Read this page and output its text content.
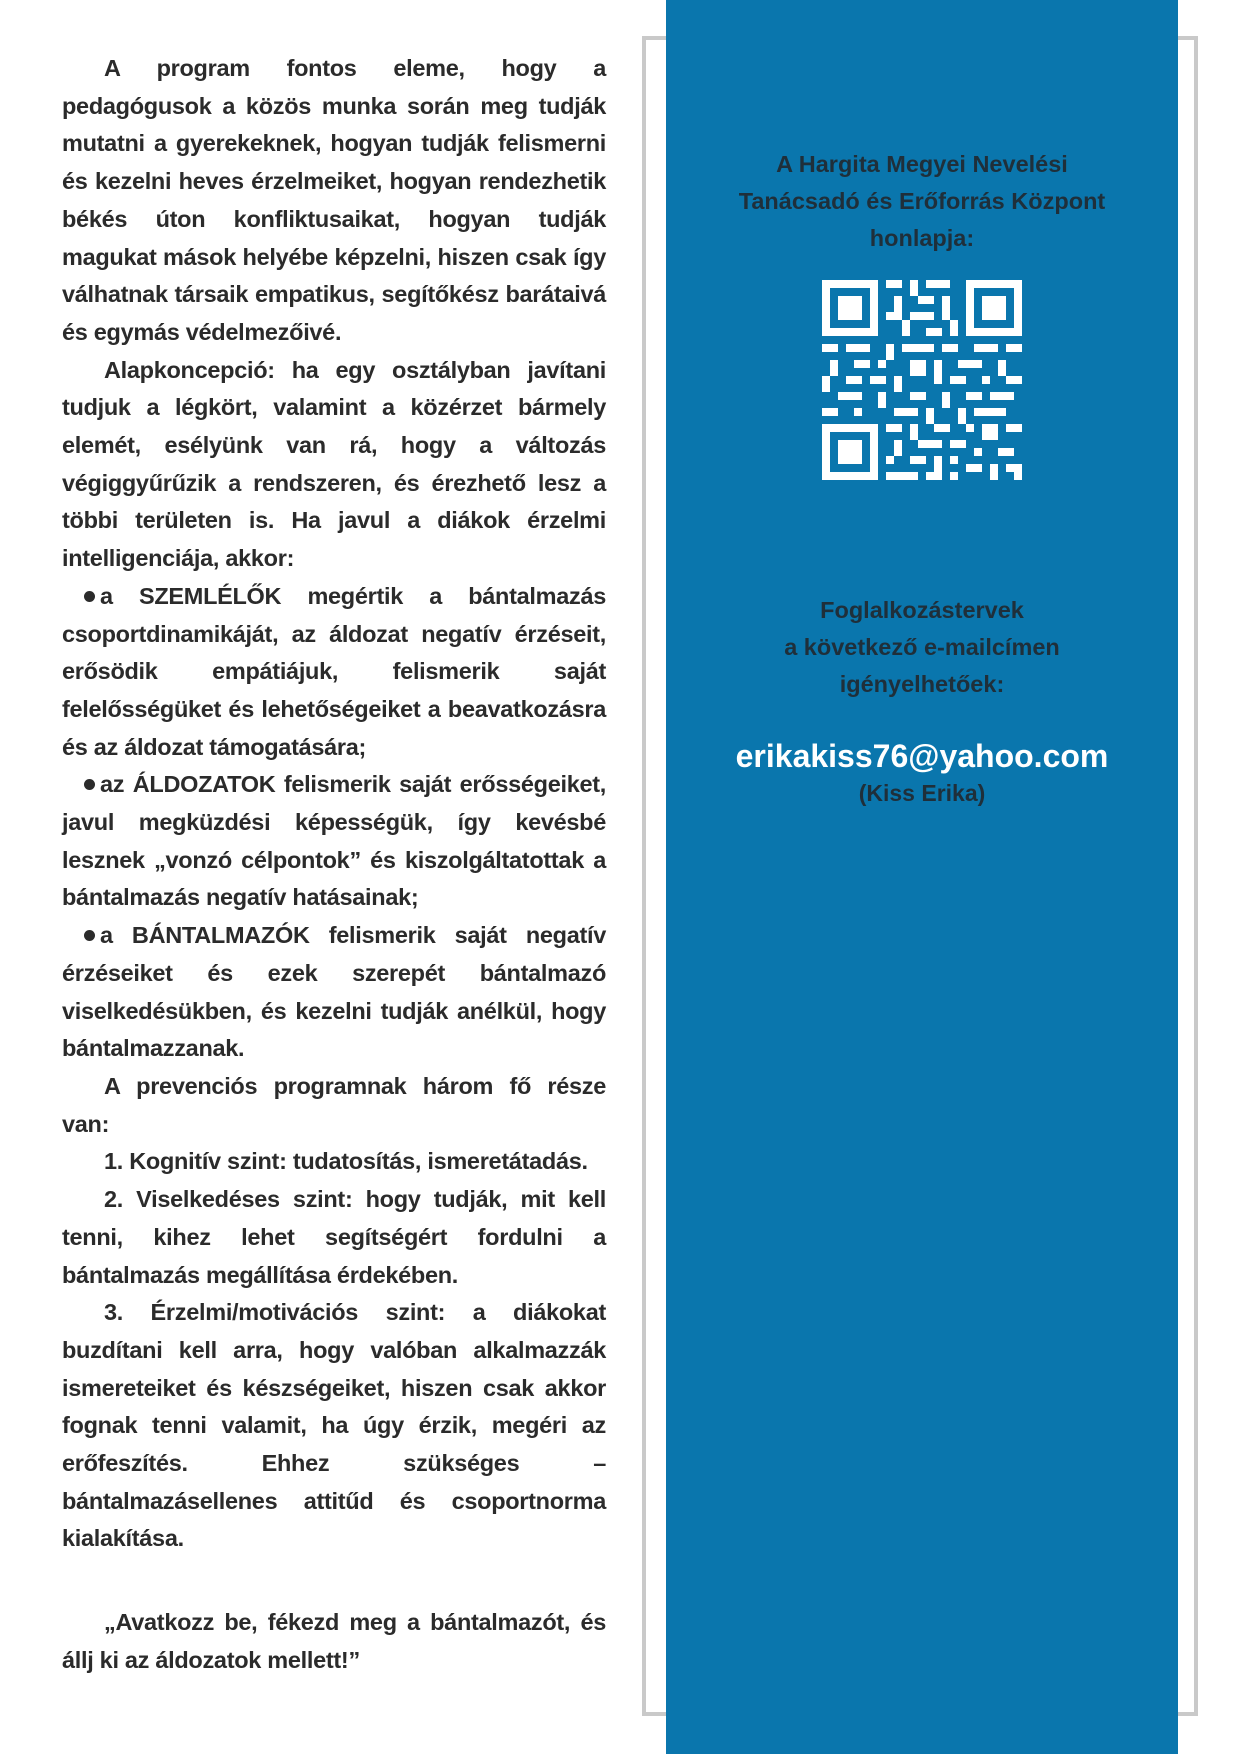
A program fontos eleme, hogy a pedagógusok a közös munka során meg tudják mutatni a gyerekeknek, hogyan tudják felismerni és kezelni heves érzelmeiket, hogyan rendezhetik békés úton konfliktusaikat, hogyan tudják magukat mások helyébe képzelni, hiszen csak így válhatnak társaik empatikus, segítőkész barátaivá és egymás védelmezőivé.

Alapkoncepció: ha egy osztályban javítani tudjuk a légkört, valamint a közérzet bármely elemét, esélyünk van rá, hogy a változás végiggyűrűzik a rendszeren, és érezhető lesz a többi területen is. Ha javul a diákok érzelmi intelligenciája, akkor:

a SZEMLÉLŐK megértik a bántalmazás csoportdinamikáját, az áldozat negatív érzéseit, erősödik empátiájuk, felismerik saját felelősségüket és lehetőségeiket a beavatkozásra és az áldozat támogatására;

az ÁLDOZATOK felismerik saját erősségeiket, javul megküzdési képességük, így kevésbé lesznek „vonzó célpontok” és kiszolgáltatottak a bántalmazás negatív hatásainak;

a BÁNTALMAZÓK felismerik saját negatív érzéseiket és ezek szerepét bántalmazó viselkedésükben, és kezelni tudják anélkül, hogy bántalmazzanak.

A prevenciós programnak három fő része van:

1. Kognitív szint: tudatosítás, ismeretátadás.

2. Viselkedéses szint: hogy tudják, mit kell tenni, kihez lehet segítségért fordulni a bántalmazás megállítása érdekében.

3. Érzelmi/motivációs szint: a diákokat buzdítani kell arra, hogy valóban alkalmazzák ismereteiket és készségeiket, hiszen csak akkor fognak tenni valamit, ha úgy érzik, megéri az erőfeszítés. Ehhez szükséges – bántalmazásellenes attitűd és csoportnorma kialakítása.

„Avatkozz be, fékezd meg a bántalmazót, és állj ki az áldozatok mellett!”

A Hargita Megyei Nevelési
Tanácsadó és Erőforrás Központ
honlapja:
Foglalkozástervek
a következő e-mailcímen
igényelhetőek:
erikakiss76@yahoo.com
(Kiss Erika)
